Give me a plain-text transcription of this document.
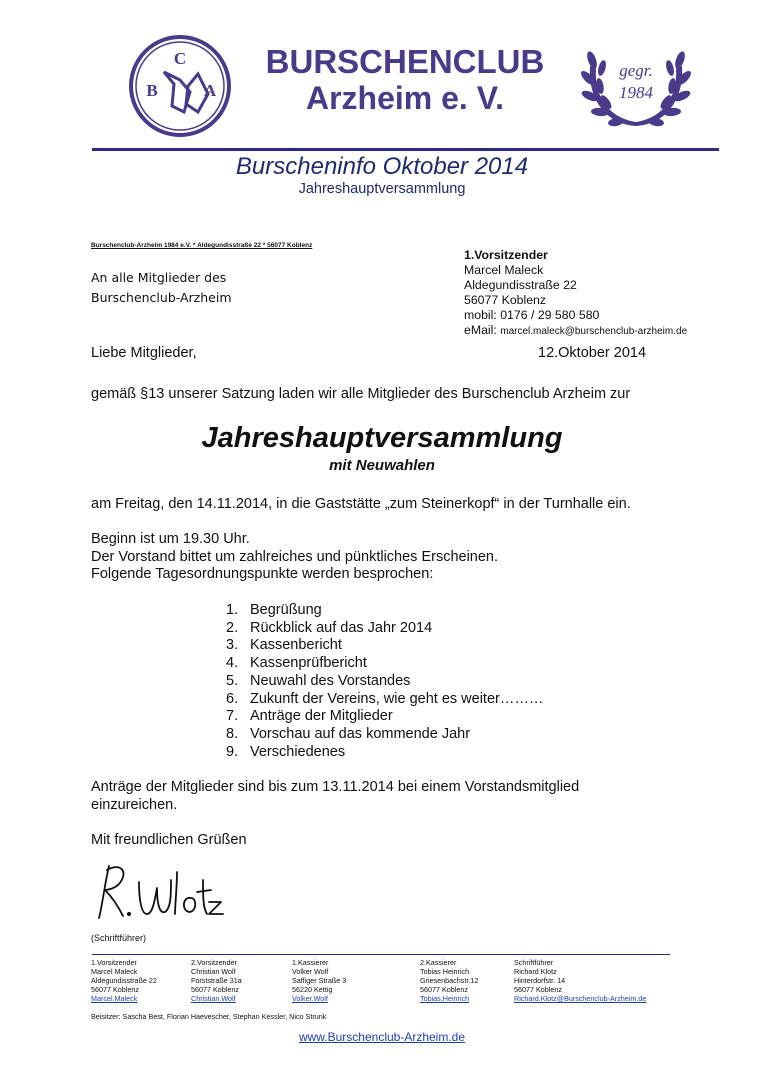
C
B	A
BURSCHENCLUB
Arzheim e. V.
gegr.
1984
Burscheninfo Oktober 2014
Jahreshauptversammlung
Burschenclub-Arzheim 1984 e.V. * Aldegundisstraße 22 * 56077 Koblenz
An alle Mitglieder des
Burschenclub-Arzheim
1.Vorsitzender
Marcel Maleck
Aldegundisstraße 22
56077 Koblenz
mobil: 0176 / 29 580 580
eMail: marcel.maleck@burschenclub-arzheim.de
Liebe Mitglieder,	12.Oktober 2014
gemäß §13 unserer Satzung laden wir alle Mitglieder des Burschenclub Arzheim zur
Jahreshauptversammlung
mit Neuwahlen
am Freitag, den 14.11.2014, in die Gaststätte „zum Steinerkopf“ in der Turnhalle ein.
Beginn ist um 19.30 Uhr.
Der Vorstand bittet um zahlreiches und pünktliches Erscheinen.
Folgende Tagesordnungspunkte werden besprochen:
1. Begrüßung
2. Rückblick auf das Jahr 2014
3. Kassenbericht
4. Kassenprüfbericht
5. Neuwahl des Vorstandes
6. Zukunft der Vereins, wie geht es weiter………
7. Anträge der Mitglieder
8. Vorschau auf das kommende Jahr
9. Verschiedenes
Anträge der Mitglieder sind bis zum 13.11.2014 bei einem Vorstandsmitglied
einzureichen.
Mit freundlichen Grüßen
(Schriftführer)
1.Vorsitzender
Marcel Maleck
Aldegundisstraße 22
56077 Koblenz
Marcel.Maleck
2.Vorsitzender
Christian Wolf
Forststraße 31a
56077 Koblenz
Christian.Wolf
1.Kassierer
Volker Wolf
Saffiger Straße 3
56220 Kettig
Volker.Wolf
2.Kassierer
Tobias Heinrich
Griesenbachstr.12
56077 Koblenz
Tobias.Heinrich
Schriftführer
Richard Klotz
Hinterdorfstr. 14
56077 Koblenz
Richard.Klotz@Burschenclub-Arzheim.de
Beisitzer: Sascha Best, Florian Haevescher, Stephan Kessler, Nico Strunk
www.Burschenclub-Arzheim.de
